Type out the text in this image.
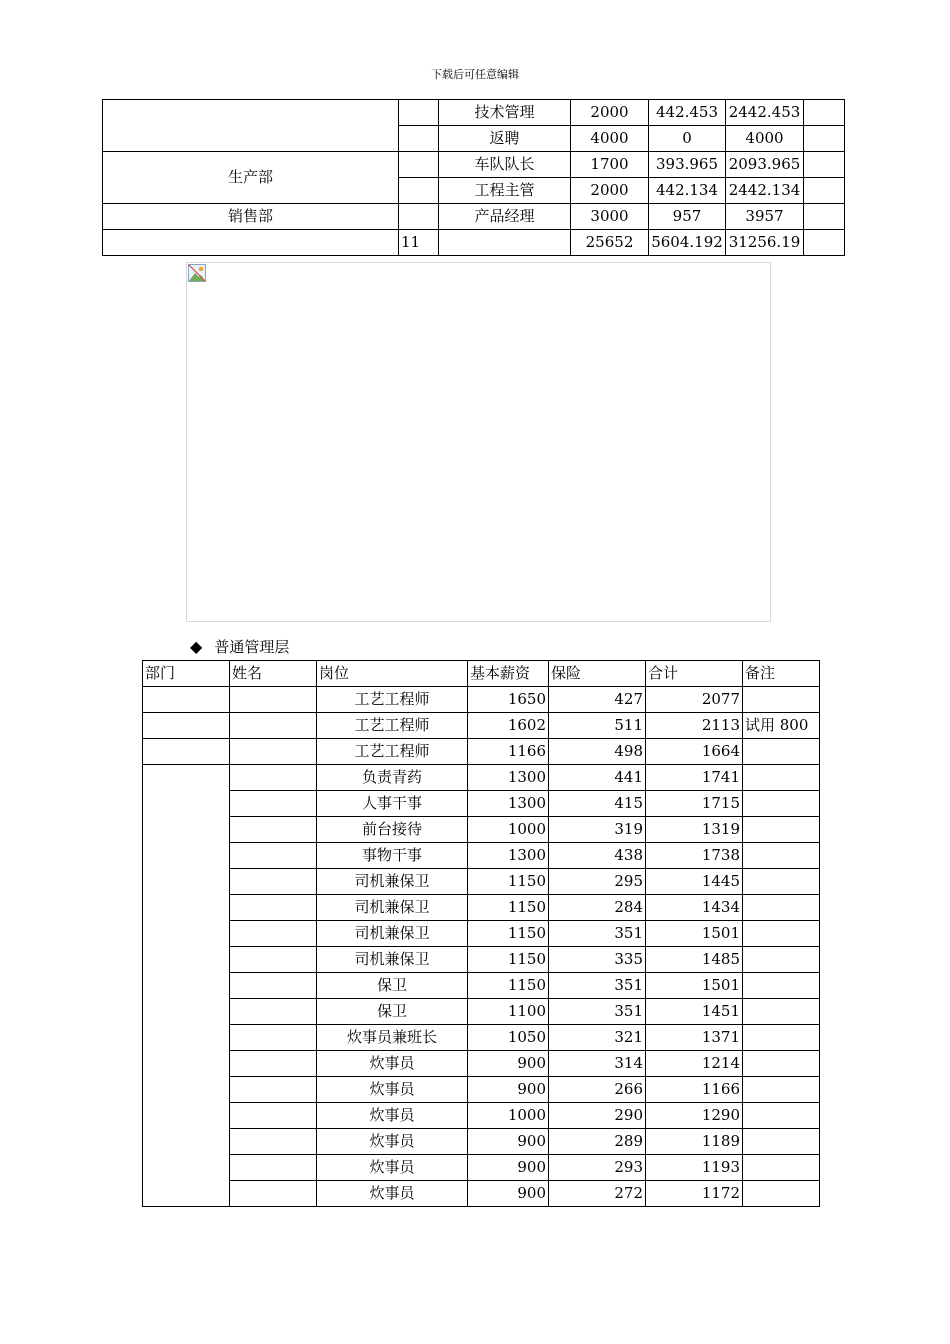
下载后可任意编辑
		技术管理	2000	442.453	2442.453	
		返聘	4000	0	4000	
生产部		车队队长	1700	393.965	2093.965	
		工程主管	2000	442.134	2442.134	
销售部		产品经理	3000	957	3957	
	11		25652	5604.192	31256.19	
◆ 普通管理层
部门	姓名	岗位	基本薪资	保险	合计	备注
		工艺工程师	1650	427	2077	
		工艺工程师	1602	511	2113	试用 800
		工艺工程师	1166	498	1664	
		负责青药	1300	441	1741	
		人事干事	1300	415	1715	
		前台接待	1000	319	1319	
		事物干事	1300	438	1738	
		司机兼保卫	1150	295	1445	
		司机兼保卫	1150	284	1434	
		司机兼保卫	1150	351	1501	
		司机兼保卫	1150	335	1485	
		保卫	1150	351	1501	
		保卫	1100	351	1451	
		炊事员兼班长	1050	321	1371	
		炊事员	900	314	1214	
		炊事员	900	266	1166	
		炊事员	1000	290	1290	
		炊事员	900	289	1189	
		炊事员	900	293	1193	
		炊事员	900	272	1172	
